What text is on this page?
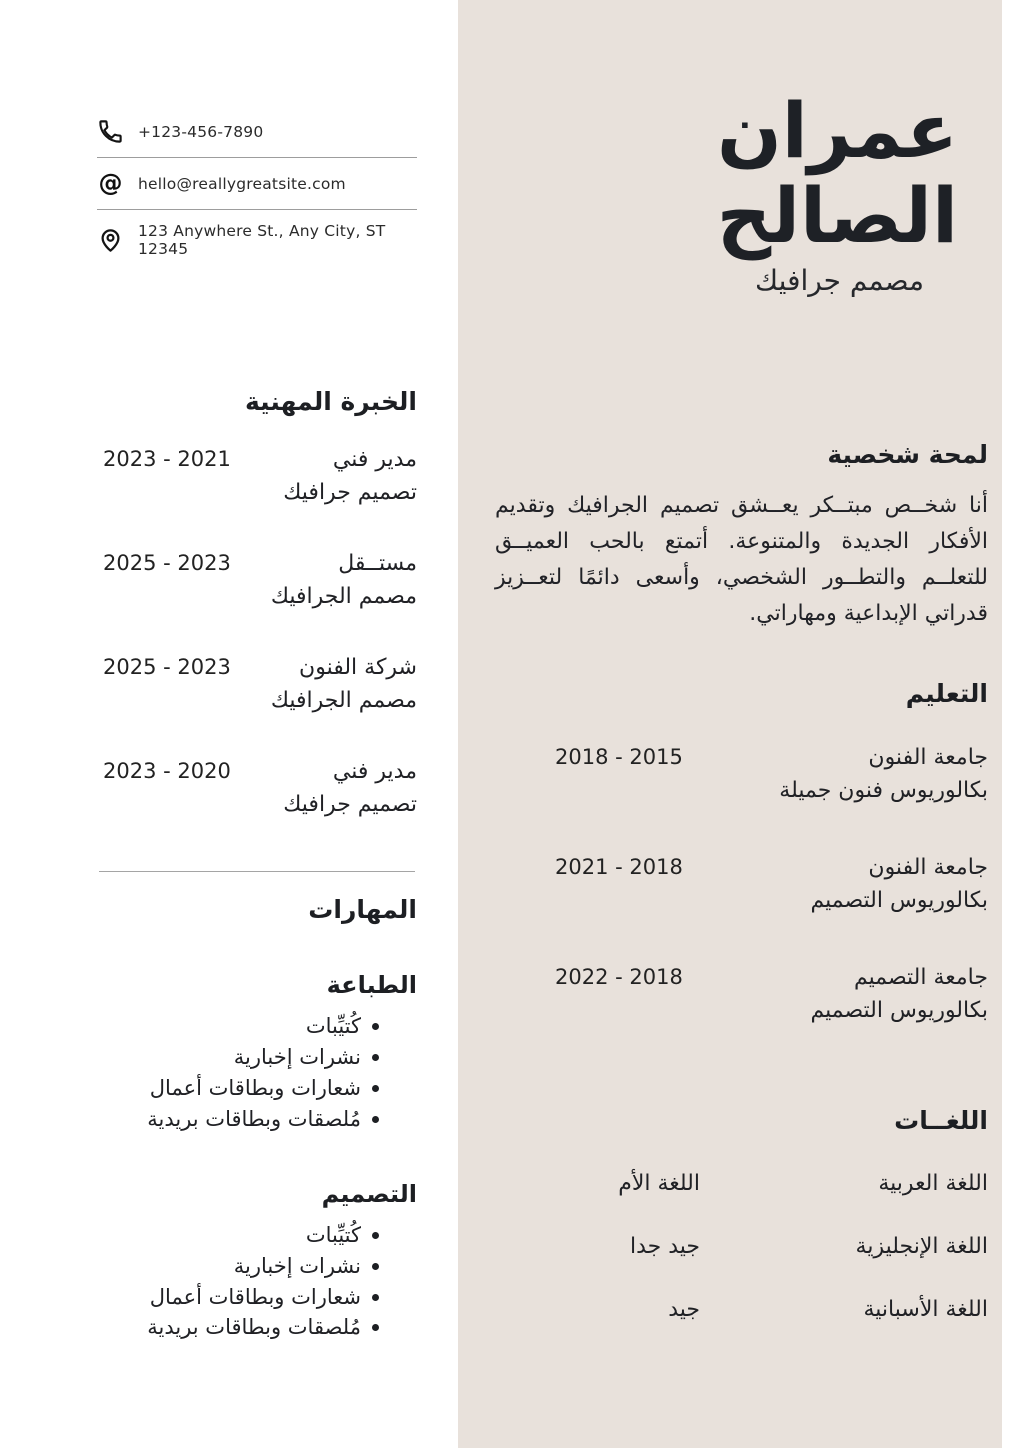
+123-456-7890
@ hello@reallygreatsite.com
123 Anywhere St., Any City, ST 12345
الخبرة المهنية
مدير فني
2021 - 2023
تصميم جرافيك
مستــقل
2023 - 2025
مصمم الجرافيك
شركة الفنون
2023 - 2025
مصمم الجرافيك
مدير فني
2020 - 2023
تصميم جرافيك
المهارات
الطباعة
كُتيِّبات
نشرات إخبارية
شعارات وبطاقات أعمال
مُلصقات وبطاقات بريدية
التصميم
كُتيِّبات
نشرات إخبارية
شعارات وبطاقات أعمال
مُلصقات وبطاقات بريدية
عمران الصالح
مصمم جرافيك
لمحة شخصية

أنا شخــص مبتــكر يعــشق تصميم الجرافيك وتقديم الأفكار الجديدة والمتنوعة. أتمتع بالحب العميــق للتعلــم والتطــور الشخصي، وأسعى دائمًا لتعــزيز قدراتي الإبداعية ومهاراتي.

التعليم
جامعة الفنون
2015 - 2018
بكالوريوس فنون جميلة
جامعة الفنون
2018 - 2021
بكالوريوس التصميم
جامعة التصميم
2018 - 2022
بكالوريوس التصميم
اللغــات
اللغة العربية
اللغة الأم
اللغة الإنجليزية
جيد جدا
اللغة الأسبانية
جيد
